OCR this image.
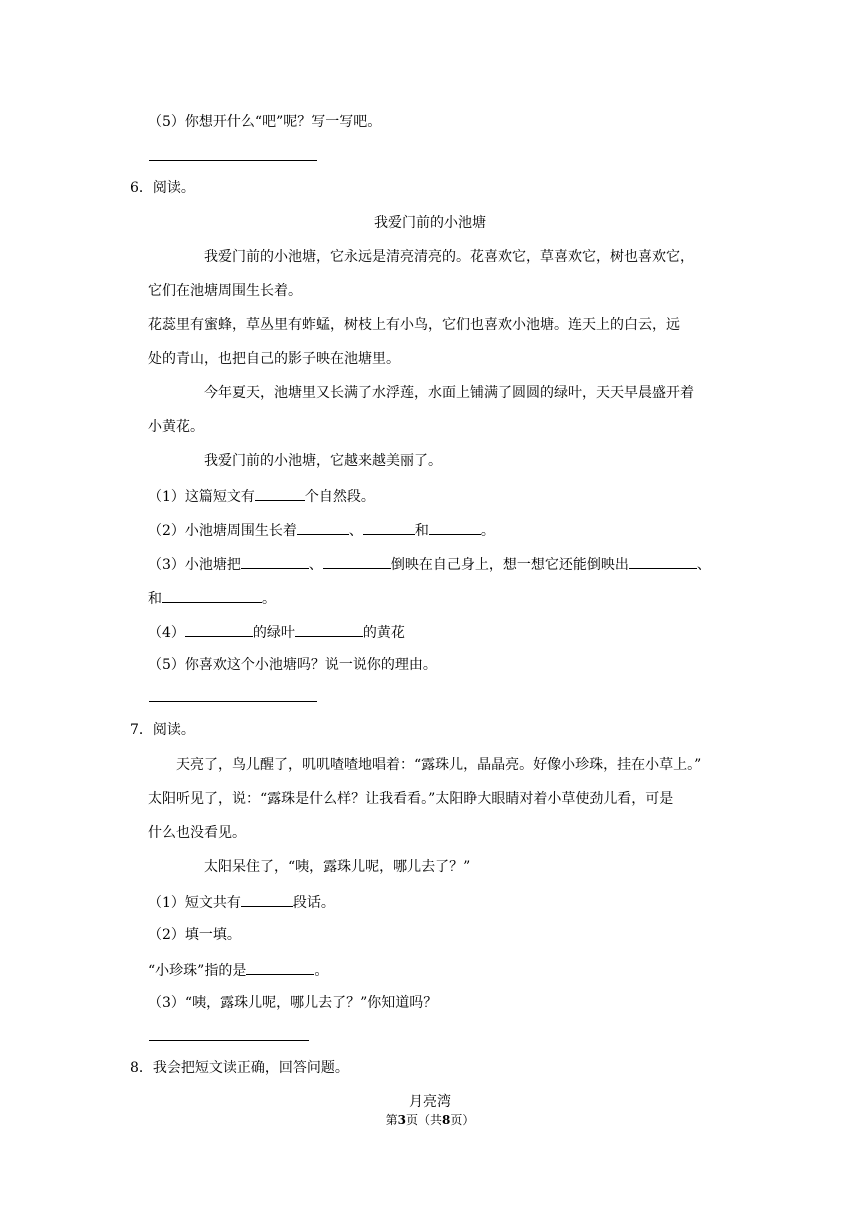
（5）你想开什么“吧”呢？写一写吧。
6．阅读。
我爱门前的小池塘
我爱门前的小池塘，它永远是清亮清亮的。花喜欢它，草喜欢它，树也喜欢它，
它们在池塘周围生长着。
花蕊里有蜜蜂，草丛里有蚱蜢，树枝上有小鸟，它们也喜欢小池塘。连天上的白云，远
处的青山，也把自己的影子映在池塘里。
今年夏天，池塘里又长满了水浮莲，水面上铺满了圆圆的绿叶，天天早晨盛开着
小黄花。
我爱门前的小池塘，它越来越美丽了。
（1）这篇短文有	个自然段。
（2）小池塘周围生长着	、	和	。
（3）小池塘把	、	倒映在自己身上，想一想它还能倒映出	、
和	。
（4）	的绿叶	的黄花
（5）你喜欢这个小池塘吗？说一说你的理由。
7．阅读。
天亮了，鸟儿醒了，叽叽喳喳地唱着：“露珠儿，晶晶亮。好像小珍珠，挂在小草上。”
太阳听见了，说：“露珠是什么样？让我看看。”太阳睁大眼睛对着小草使劲儿看，可是
什么也没看见。
太阳呆住了，“咦，露珠儿呢，哪儿去了？”
（1）短文共有	段话。
（2）填一填。
“小珍珠”指的是	。
（3）“咦，露珠儿呢，哪儿去了？”你知道吗？
8．我会把短文读正确，回答问题。
月亮湾
第3页（共8页）
